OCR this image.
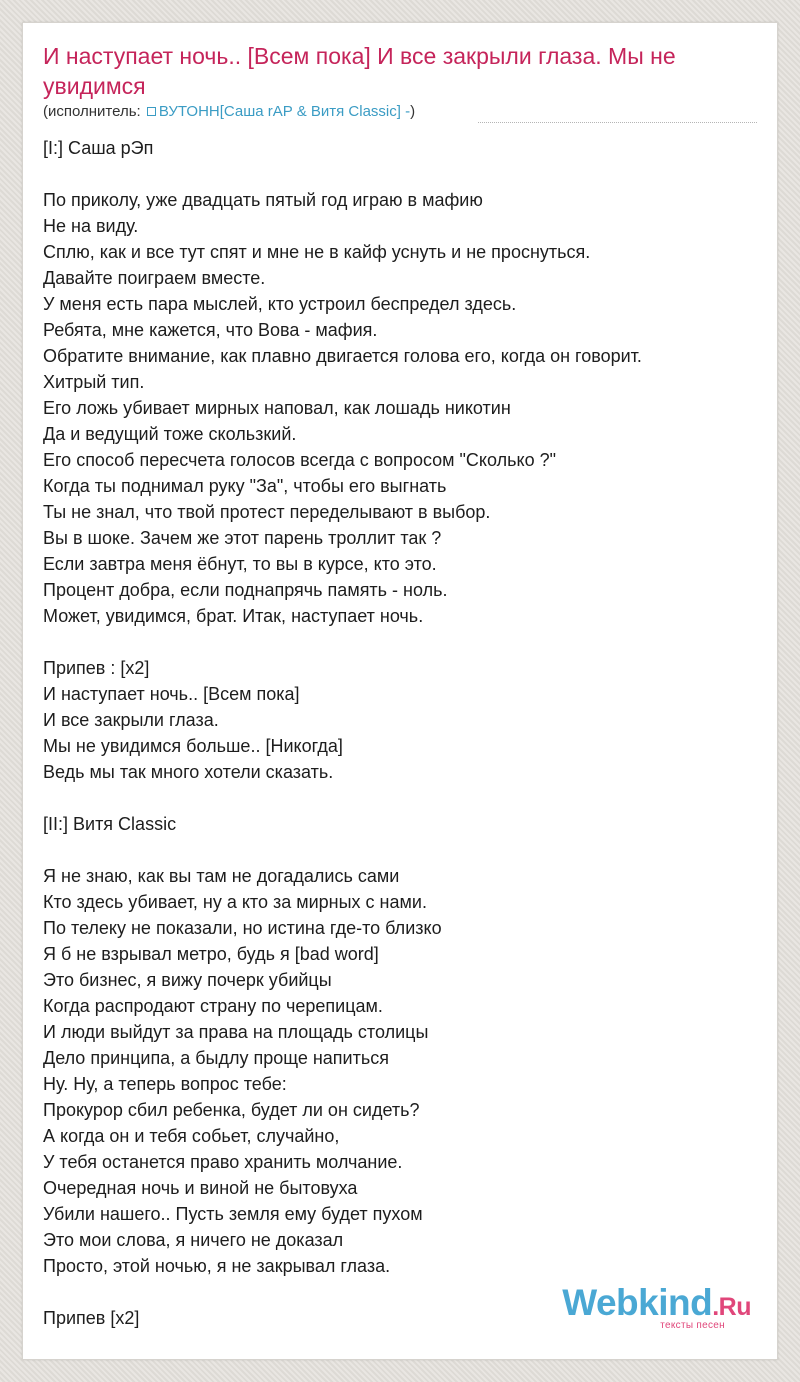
И наступает ночь.. [Всем пока] И все закрыли глаза. Мы не увидимся
(исполнитель: ВУТОНН[Саша rAP & Витя Classic] -)
[I:] Саша рЭп
По приколу, уже двадцать пятый год играю в мафию
Не на виду.
Сплю, как и все тут спят и мне не в кайф уснуть и не проснуться.
Давайте поиграем вместе.
У меня есть пара мыслей, кто устроил беспредел здесь.
Ребята, мне кажется, что Вова - мафия.
Обратите внимание, как плавно двигается голова его, когда он говорит.
Хитрый тип.
Его ложь убивает мирных наповал, как лошадь никотин
Да и ведущий тоже скользкий.
Его способ пересчета голосов всегда с вопросом "Сколько ?"
Когда ты поднимал руку "За", чтобы его выгнать
Ты не знал, что твой протест переделывают в выбор.
Вы в шоке. Зачем же этот парень троллит так ?
Если завтра меня ёбнут, то вы в курсе, кто это.
Процент добра, если поднапрячь память - ноль.
Может, увидимся, брат. Итак, наступает ночь.
Припев : [x2]
И наступает ночь.. [Всем пока]
И все закрыли глаза.
Мы не увидимся больше.. [Никогда]
Ведь мы так много хотели сказать.
[II:] Витя Classic
Я не знаю, как вы там не догадались сами
Кто здесь убивает, ну а кто за мирных с нами.
По телеку не показали, но истина где-то близко
Я б не взрывал метро, будь я [bad word]
Это бизнес, я вижу почерк убийцы
Когда распродают страну по черепицам.
И люди выйдут за права на площадь столицы
Дело принципа, а быдлу проще напиться
Ну. Ну, а теперь вопрос тебе:
Прокурор сбил ребенка, будет ли он сидеть?
А когда он и тебя собьет, случайно,
У тебя останется право хранить молчание.
Очередная ночь и виной не бытовуха
Убили нашего.. Пусть земля ему будет пухом
Это мои слова, я ничего не доказал
Просто, этой ночью, я не закрывал глаза.
Припев [x2]	Webkind.Ru
тексты песен
